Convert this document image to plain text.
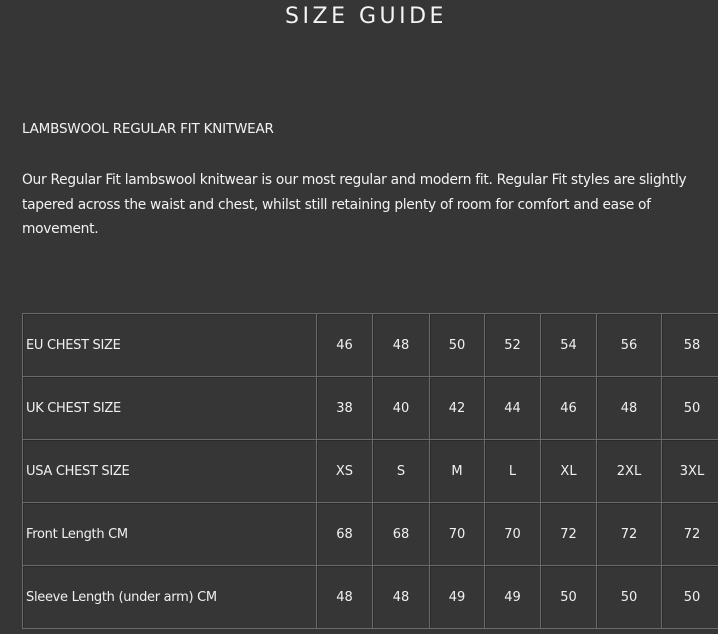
SIZE GUIDE
LAMBSWOOL REGULAR FIT KNITWEAR

Our Regular Fit lambswool knitwear is our most regular and modern fit. Regular Fit styles are slightly tapered across the waist and chest, whilst still retaining plenty of room for comfort and ease of movement.

EU CHEST SIZE	46	48	50	52	54	56	58
UK CHEST SIZE	38	40	42	44	46	48	50
USA CHEST SIZE	XS	S	M	L	XL	2XL	3XL
Front Length CM	68	68	70	70	72	72	72
Sleeve Length (under arm) CM	48	48	49	49	50	50	50
